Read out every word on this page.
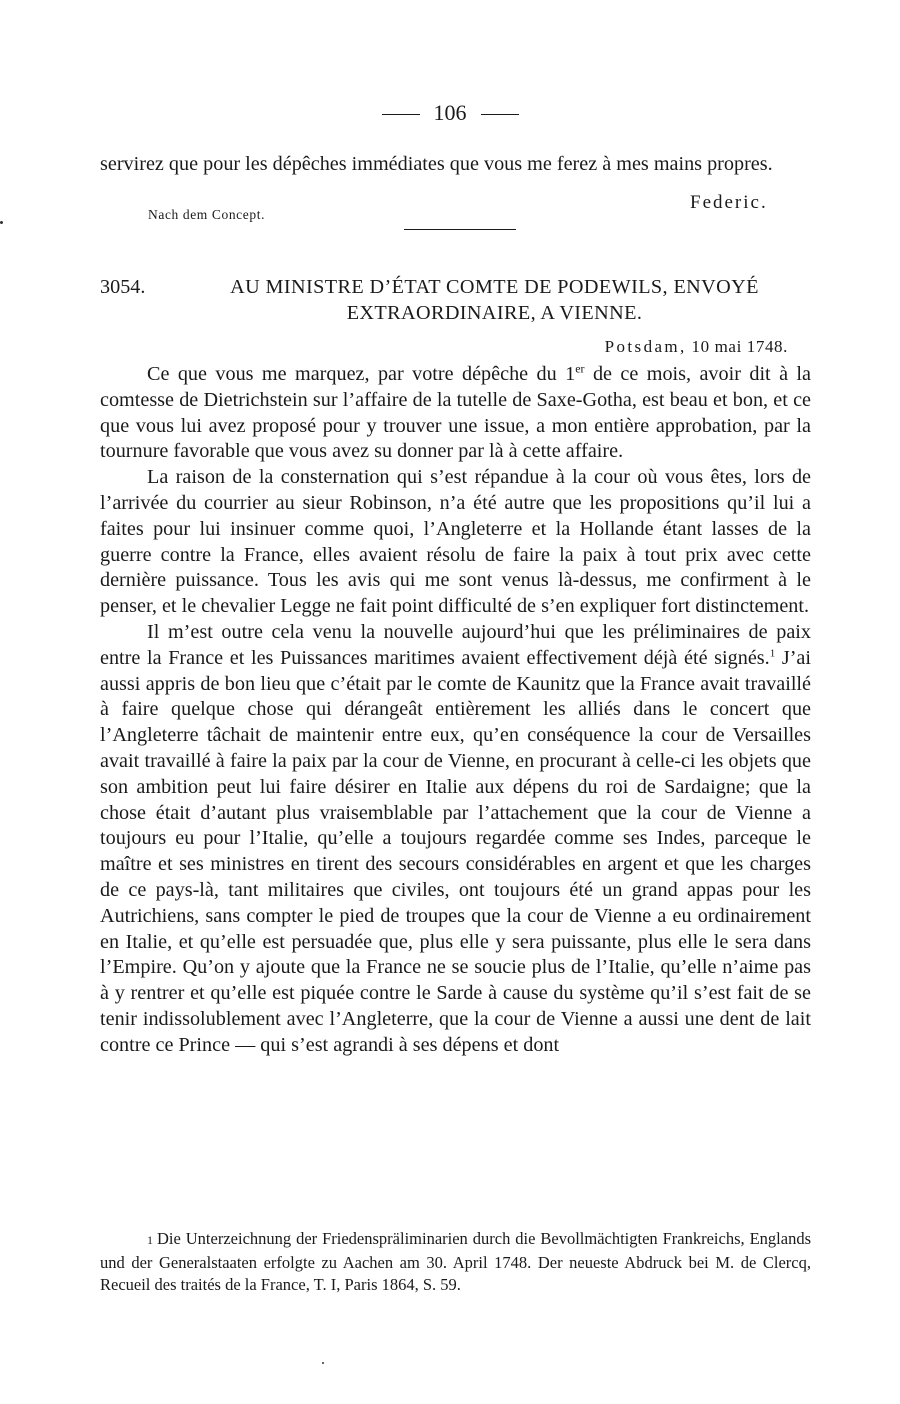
106
servirez que pour les dépêches immédiates que vous me ferez à mes mains propres.
Federic.
Nach dem Concept.
3054.	AU MINISTRE D’ÉTAT COMTE DE PODEWILS, ENVOYÉ EXTRAORDINAIRE, A VIENNE.
Potsdam, 10 mai 1748.

Ce que vous me marquez, par votre dépêche du 1er de ce mois, avoir dit à la comtesse de Dietrichstein sur l’affaire de la tutelle de Saxe-Gotha, est beau et bon, et ce que vous lui avez proposé pour y trouver une issue, a mon entière approbation, par la tournure favorable que vous avez su donner par là à cette affaire.

La raison de la consternation qui s’est répandue à la cour où vous êtes, lors de l’arrivée du courrier au sieur Robinson, n’a été autre que les propositions qu’il lui a faites pour lui insinuer comme quoi, l’Angleterre et la Hollande étant lasses de la guerre contre la France, elles avaient résolu de faire la paix à tout prix avec cette dernière puissance. Tous les avis qui me sont venus là-dessus, me confirment à le penser, et le chevalier Legge ne fait point difficulté de s’en expliquer fort distinctement.

Il m’est outre cela venu la nouvelle aujourd’hui que les préliminaires de paix entre la France et les Puissances maritimes avaient effectivement déjà été signés.$^1$ J’ai aussi appris de bon lieu que c’était par le comte de Kaunitz que la France avait travaillé à faire quelque chose qui dérangeât entièrement les alliés dans le concert que l’Angleterre tâchait de maintenir entre eux, qu’en conséquence la cour de Versailles avait travaillé à faire la paix par la cour de Vienne, en procurant à celle-ci les objets que son ambition peut lui faire désirer en Italie aux dépens du roi de Sardaigne; que la chose était d’autant plus vraisemblable par l’attachement que la cour de Vienne a toujours eu pour l’Italie, qu’elle a toujours regardée comme ses Indes, parceque le maître et ses ministres en tirent des secours considérables en argent et que les charges de ce pays-là, tant militaires que civiles, ont toujours été un grand appas pour les Autrichiens, sans compter le pied de troupes que la cour de Vienne a eu ordinairement en Italie, et qu’elle est persuadée que, plus elle y sera puissante, plus elle le sera dans l’Empire. Qu’on y ajoute que la France ne se soucie plus de l’Italie, qu’elle n’aime pas à y rentrer et qu’elle est piquée contre le Sarde à cause du système qu’il s’est fait de se tenir indissolublement avec l’Angleterre, que la cour de Vienne a aussi une dent de lait contre ce Prince — qui s’est agrandi à ses dépens et dont

1 Die Unterzeichnung der Friedenspräliminarien durch die Bevollmächtigten Frankreichs, Englands und der Generalstaaten erfolgte zu Aachen am 30. April 1748. Der neueste Abdruck bei M. de Clercq, Recueil des traités de la France, T. I, Paris 1864, S. 59.
